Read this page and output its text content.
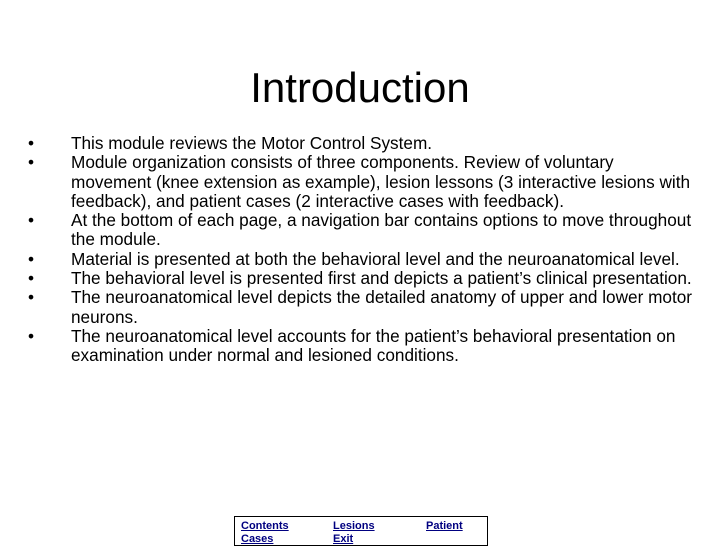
Introduction
•	This module reviews the Motor Control System.
•	Module organization consists of three components. Review of voluntary movement (knee extension as example), lesion lessons (3 interactive lesions with feedback), and patient cases (2 interactive cases with feedback).
•	At the bottom of each page, a navigation bar contains options to move throughout the module.
•	Material is presented at both the behavioral level and the neuroanatomical level.
•	The behavioral level is presented first and depicts a patient’s clinical presentation.
•	The neuroanatomical level depicts the detailed anatomy of upper and lower motor neurons.
•	The neuroanatomical level accounts for the patient’s behavioral presentation on examination under normal and lesioned conditions.
Contents	Lesions	Patient
Cases	Exit
